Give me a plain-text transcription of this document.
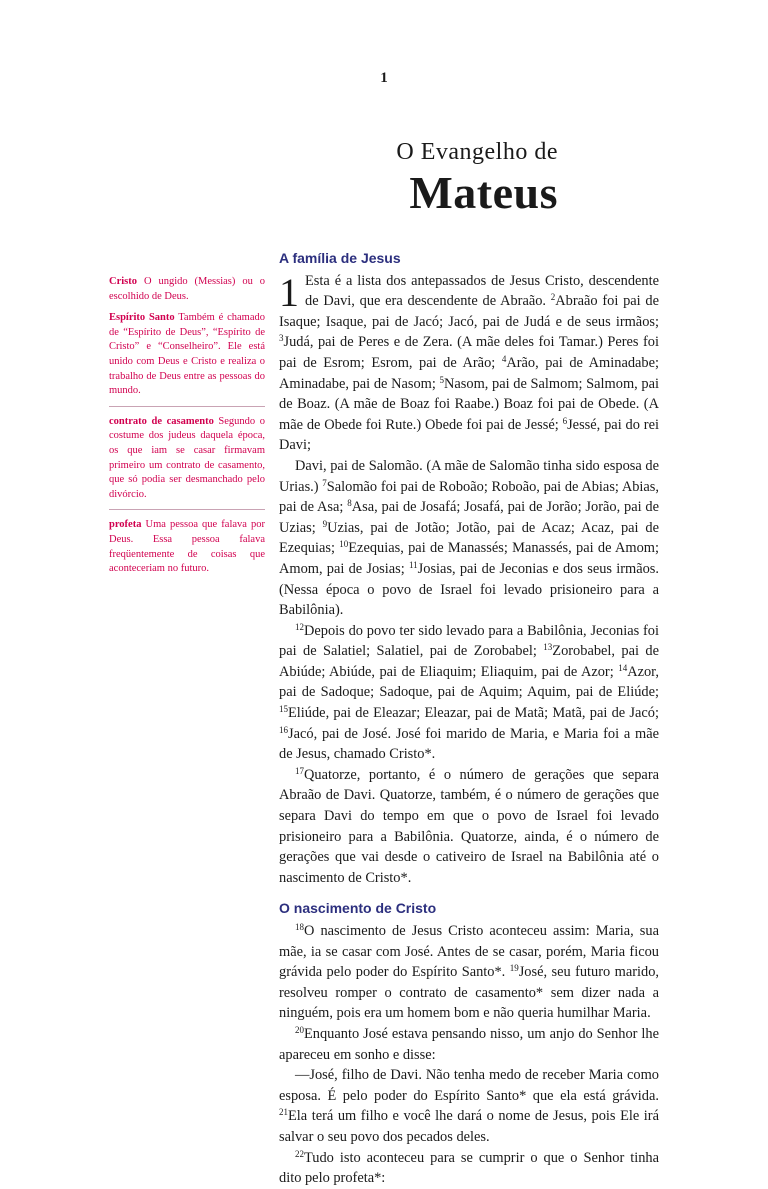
1
O Evangelho de
Mateus
Cristo O ungido (Messias) ou o escolhido de Deus.
Espírito Santo Também é chamado de “Espírito de Deus”, “Espírito de Cristo” e “Conselheiro”. Ele está unido com Deus e Cristo e realiza o trabalho de Deus entre as pessoas do mundo.
contrato de casamento Segundo o costume dos judeus daquela época, os que iam se casar firmavam primeiro um contrato de casamento, que só podia ser desmanchado pelo divórcio.
profeta Uma pessoa que falava por Deus. Essa pessoa falava freqüentemente de coisas que aconteceriam no futuro.
A família de Jesus

1 Esta é a lista dos antepassados de Jesus Cristo, descendente de Davi, que era descendente de Abraão. $^2$Abraão foi pai de Isaque; Isaque, pai de Jacó; Jacó, pai de Judá e de seus irmãos; $^3$Judá, pai de Peres e de Zera. (A mãe deles foi Tamar.) Peres foi pai de Esrom; Esrom, pai de Arão; $^4$Arão, pai de Aminadabe; Aminadabe, pai de Nasom; $^5$Nasom, pai de Salmom; Salmom, pai de Boaz. (A mãe de Boaz foi Raabe.) Boaz foi pai de Obede. (A mãe de Obede foi Rute.) Obede foi pai de Jessé; $^6$Jessé, pai do rei Davi;

Davi, pai de Salomão. (A mãe de Salomão tinha sido esposa de Urias.) $^7$Salomão foi pai de Roboão; Roboão, pai de Abias; Abias, pai de Asa; $^8$Asa, pai de Josafá; Josafá, pai de Jorão; Jorão, pai de Uzias; $^9$Uzias, pai de Jotão; Jotão, pai de Acaz; Acaz, pai de Ezequias; $^{10}$Ezequias, pai de Manassés; Manassés, pai de Amom; Amom, pai de Josias; $^{11}$Josias, pai de Jeconias e dos seus irmãos. (Nessa época o povo de Israel foi levado prisioneiro para a Babilônia).

$^{12}$Depois do povo ter sido levado para a Babilônia, Jeconias foi pai de Salatiel; Salatiel, pai de Zorobabel; $^{13}$Zorobabel, pai de Abiúde; Abiúde, pai de Eliaquim; Eliaquim, pai de Azor; $^{14}$Azor, pai de Sadoque; Sadoque, pai de Aquim; Aquim, pai de Eliúde; $^{15}$Eliúde, pai de Eleazar; Eleazar, pai de Matã; Matã, pai de Jacó; $^{16}$Jacó, pai de José. José foi marido de Maria, e Maria foi a mãe de Jesus, chamado Cristo*.

$^{17}$Quatorze, portanto, é o número de gerações que separa Abraão de Davi. Quatorze, também, é o número de gerações que separa Davi do tempo em que o povo de Israel foi levado prisioneiro para a Babilônia. Quatorze, ainda, é o número de gerações que vai desde o cativeiro de Israel na Babilônia até o nascimento de Cristo*.

O nascimento de Cristo

$^{18}$O nascimento de Jesus Cristo aconteceu assim: Maria, sua mãe, ia se casar com José. Antes de se casar, porém, Maria ficou grávida pelo poder do Espírito Santo*. $^{19}$José, seu futuro marido, resolveu romper o contrato de casamento* sem dizer nada a ninguém, pois era um homem bom e não queria humilhar Maria.

$^{20}$Enquanto José estava pensando nisso, um anjo do Senhor lhe apareceu em sonho e disse:

—José, filho de Davi. Não tenha medo de receber Maria como esposa. É pelo poder do Espírito Santo* que ela está grávida. $^{21}$Ela terá um filho e você lhe dará o nome de Jesus, pois Ele irá salvar o seu povo dos pecados deles.

$^{22}$Tudo isto aconteceu para se cumprir o que o Senhor tinha dito pelo profeta*:
